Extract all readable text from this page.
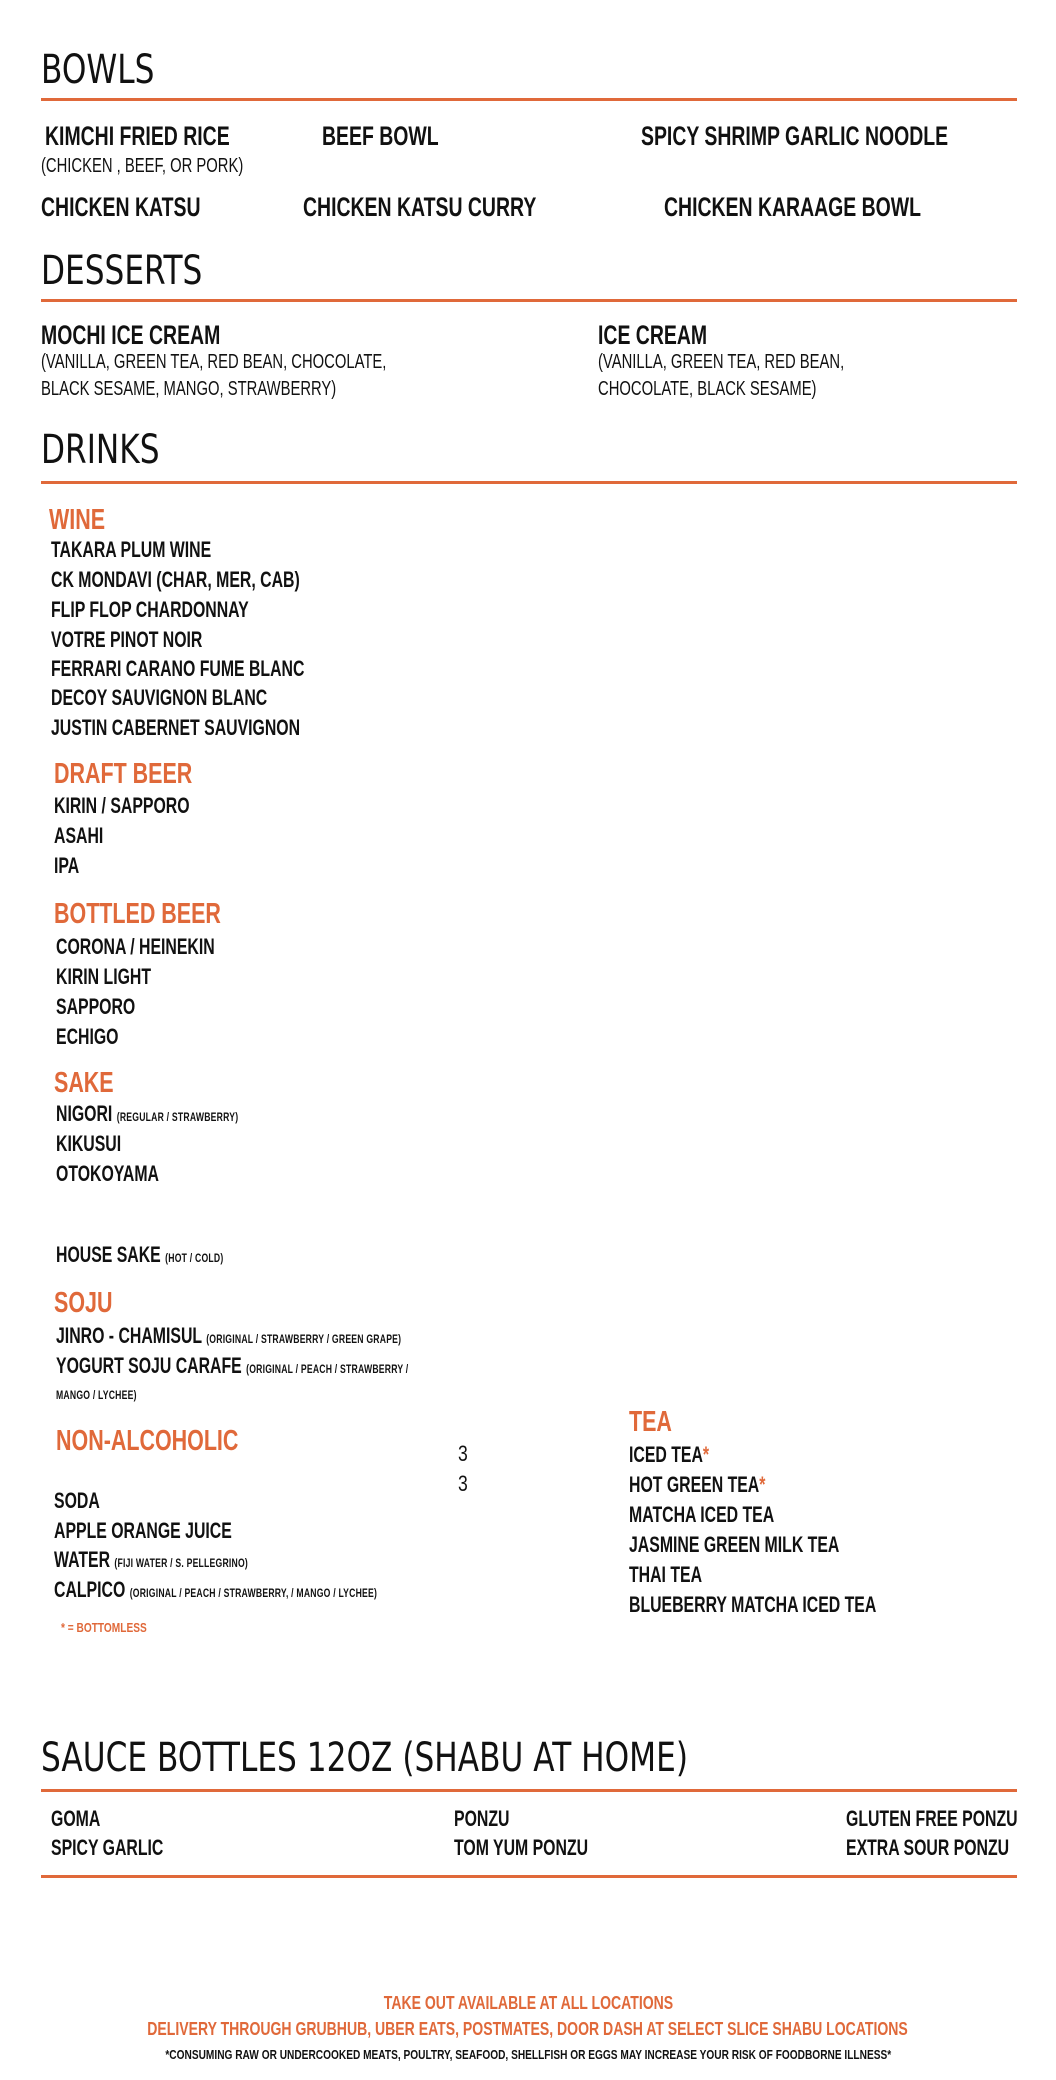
BOWLS
KIMCHI FRIED RICE
(CHICKEN , BEEF, OR PORK)
BEEF BOWL	SPICY SHRIMP GARLIC NOODLE
CHICKEN KATSU	CHICKEN KATSU CURRY	CHICKEN KARAAGE BOWL
DESSERTS
MOCHI ICE CREAM
(VANILLA, GREEN TEA, RED BEAN, CHOCOLATE,
BLACK SESAME, MANGO, STRAWBERRY)
ICE CREAM
(VANILLA, GREEN TEA, RED BEAN,
CHOCOLATE, BLACK SESAME)
DRINKS
WINE
TAKARA PLUM WINE
CK MONDAVI (CHAR, MER, CAB)
FLIP FLOP CHARDONNAY
VOTRE PINOT NOIR
FERRARI CARANO FUME BLANC
DECOY SAUVIGNON BLANC
JUSTIN CABERNET SAUVIGNON
DRAFT BEER
KIRIN / SAPPORO
ASAHI
IPA
BOTTLED BEER
CORONA / HEINEKIN
KIRIN LIGHT
SAPPORO
ECHIGO
SAKE
NIGORI (REGULAR / STRAWBERRY)
KIKUSUI
OTOKOYAMA
HOUSE SAKE (HOT / COLD)
SOJU
JINRO - CHAMISUL (ORIGINAL / STRAWBERRY / GREEN GRAPE)
YOGURT SOJU CARAFE (ORIGINAL / PEACH / STRAWBERRY /
MANGO / LYCHEE)
NON-ALCOHOLIC	3
3
SODA
APPLE ORANGE JUICE
WATER (FIJI WATER / S. PELLEGRINO)
CALPICO (ORIGINAL / PEACH / STRAWBERRY, / MANGO / LYCHEE)
* = BOTTOMLESS
TEA
ICED TEA*
HOT GREEN TEA*
MATCHA ICED TEA
JASMINE GREEN MILK TEA
THAI TEA
BLUEBERRY MATCHA ICED TEA
SAUCE BOTTLES 12OZ (SHABU AT HOME)
GOMA
SPICY GARLIC
PONZU
TOM YUM PONZU
GLUTEN FREE PONZU
EXTRA SOUR PONZU
TAKE OUT AVAILABLE AT ALL LOCATIONS
DELIVERY THROUGH GRUBHUB, UBER EATS, POSTMATES, DOOR DASH AT SELECT SLICE SHABU LOCATIONS
*CONSUMING RAW OR UNDERCOOKED MEATS, POULTRY, SEAFOOD, SHELLFISH OR EGGS MAY INCREASE YOUR RISK OF FOODBORNE ILLNESS*
